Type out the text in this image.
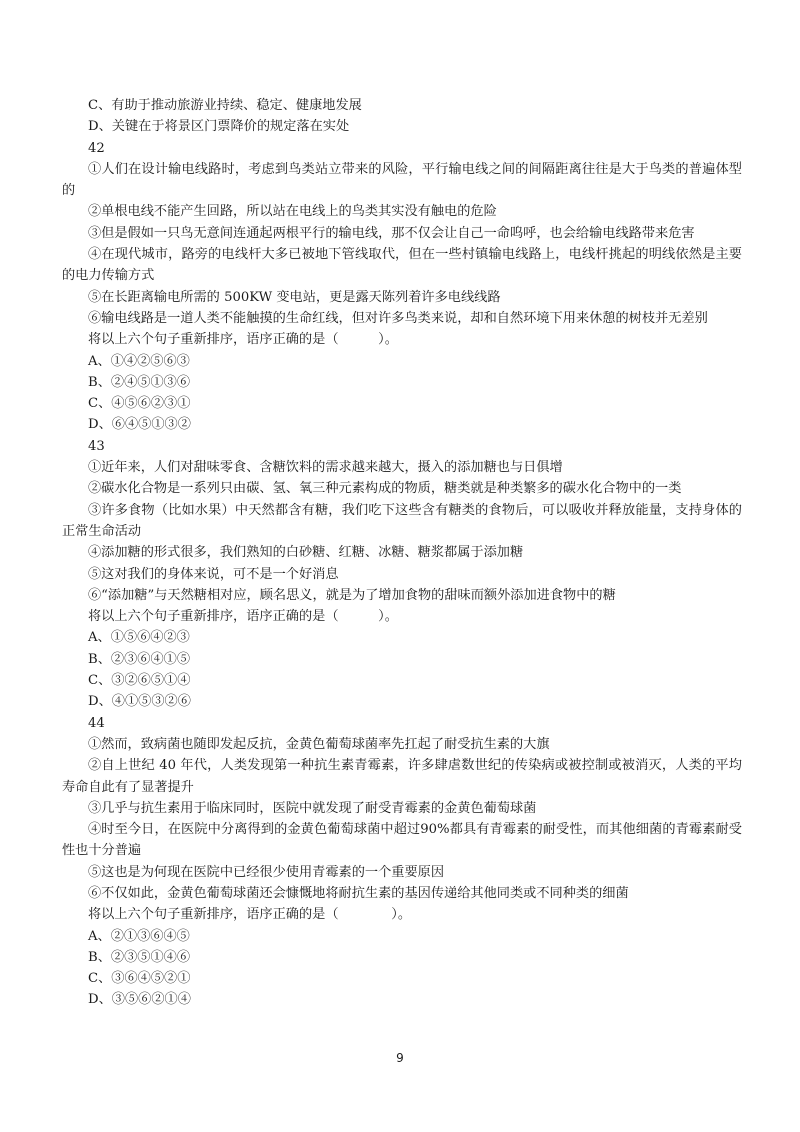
C、有助于推动旅游业持续、稳定、健康地发展
D、关键在于将景区门票降价的规定落在实处
42
①人们在设计输电线路时，考虑到鸟类站立带来的风险，平行输电线之间的间隔距离往往是大于鸟类的普遍体型的
②单根电线不能产生回路，所以站在电线上的鸟类其实没有触电的危险
③但是假如一只鸟无意间连通起两根平行的输电线，那不仅会让自己一命呜呼，也会给输电线路带来危害
④在现代城市，路旁的电线杆大多已被地下管线取代，但在一些村镇输电线路上，电线杆挑起的明线依然是主要的电力传输方式
⑤在长距离输电所需的 500KW 变电站，更是露天陈列着许多电线线路
⑥输电线路是一道人类不能触摸的生命红线，但对许多鸟类来说，却和自然环境下用来休憩的树枝并无差别
将以上六个句子重新排序，语序正确的是（　　　）。
A、①④②⑤⑥③
B、②④⑤①③⑥
C、④⑤⑥②③①
D、⑥④⑤①③②
43
①近年来，人们对甜味零食、含糖饮料的需求越来越大，摄入的添加糖也与日俱增
②碳水化合物是一系列只由碳、氢、氧三种元素构成的物质，糖类就是种类繁多的碳水化合物中的一类
③许多食物（比如水果）中天然都含有糖，我们吃下这些含有糖类的食物后，可以吸收并释放能量，支持身体的正常生命活动
④添加糖的形式很多，我们熟知的白砂糖、红糖、冰糖、糖浆都属于添加糖
⑤这对我们的身体来说，可不是一个好消息
⑥“添加糖”与天然糖相对应，顾名思义，就是为了增加食物的甜味而额外添加进食物中的糖
将以上六个句子重新排序，语序正确的是（　　　）。
A、①⑤⑥④②③
B、②③⑥④①⑤
C、③②⑥⑤①④
D、④①⑤③②⑥
44
①然而，致病菌也随即发起反抗，金黄色葡萄球菌率先扛起了耐受抗生素的大旗
②自上世纪 40 年代，人类发现第一种抗生素青霉素，许多肆虐数世纪的传染病或被控制或被消灭，人类的平均寿命自此有了显著提升
③几乎与抗生素用于临床同时，医院中就发现了耐受青霉素的金黄色葡萄球菌
④时至今日，在医院中分离得到的金黄色葡萄球菌中超过90%都具有青霉素的耐受性，而其他细菌的青霉素耐受性也十分普遍
⑤这也是为何现在医院中已经很少使用青霉素的一个重要原因
⑥不仅如此，金黄色葡萄球菌还会慷慨地将耐抗生素的基因传递给其他同类或不同种类的细菌
将以上六个句子重新排序，语序正确的是（　　　　）。
A、②①③⑥④⑤
B、②③⑤①④⑥
C、③⑥④⑤②①
D、③⑤⑥②①④
9
